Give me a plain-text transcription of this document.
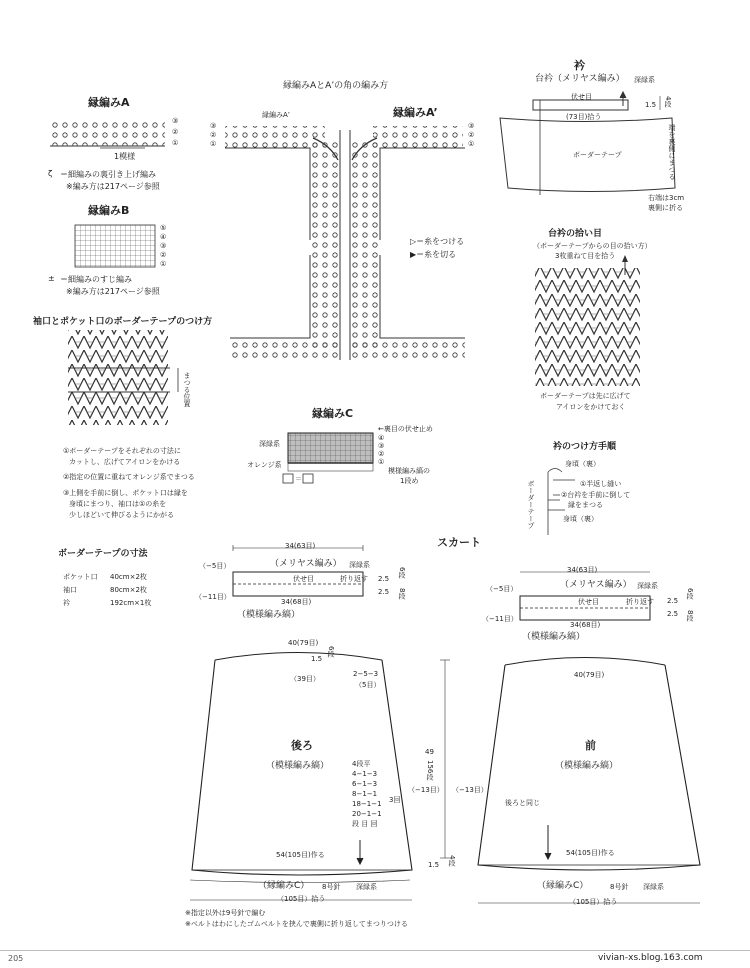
縁編みA
1模様
③
②
①
ζ ＝細編みの裏引き上げ編み
※編み方は217ページ参照
縁編みB
⑤
④
③
②
①
± ＝細編みのすじ編み
※編み方は217ページ参照
縁編みAとA’の角の編み方
縁編みA’	縁編みA’
③
②
①
③
②
①
▷＝糸をつける
▶＝糸を切る
袖口とポケット口のボーダーテープのつけ方
まつる位置
①ボーダーテープをそれぞれの寸法に
カットし、広げてアイロンをかける
②指定の位置に重ねてオレンジ系でまつる
③上側を手前に倒し、ポケット口は縁を
身頃にまつり、袖口は①の糸を
少しほどいて伸びるようにかがる
縁編みC
←裏目の伏せ止め
深緑系
オレンジ系
④
③
②
①
模様編み縞の
1段め
＝
衿
台衿（メリヤス編み） 深緑系
伏せ目
(73目)拾う
1.5 4段
ボーダーテープ	端を裏側にまつる
右端は3cm
裏側に折る
台衿の拾い目
（ボーダーテープからの目の拾い方）
3枚重ねて目を拾う
ボーダーテープは先に広げて
アイロンをかけておく
衿のつけ方手順
ボーダーテープ
身頃（裏）
①半返し縫い
②台衿を手前に倒して
縁をまつる
身頃（裏）
ボーダーテープの寸法
ポケット口 40cm×2枚
袖口	80cm×2枚
衿	192cm×1枚
スカート
34(63目)
（メリヤス編み） 深緑系
（−5目）
伏せ目	折り返す 2.5
2.5
6段
8段
（−11目）
34(68目)
（模様編み縞）
40(79目)
1.5
6段
（39目）
2−5−3
（5目）
後ろ
（模様編み縞）	4段平
4−1−3
6−1−3
8−1−1
18−1−1
20−1−1
段 目 回
3回
49
156段
（−13目）
54(105目)作る
（縁編みC） 8号針 深緑系
（105目）拾う
1.5 4段
34(63目)
（メリヤス編み） 深緑系
（−5目）
伏せ目	折り返す 2.5
2.5
6段
8段
（−11目）
34(68目)
（模様編み縞）
40(79目)
前
（模様編み縞）
（−13目）
後ろと同じ
54(105目)作る
（縁編みC）	8号針 深緑系
（105目）拾う
※指定以外は9号針で編む
※ベルトはわにしたゴムベルトを挟んで裏側に折り返してまつりつける
205	vivian-xs.blog.163.com
